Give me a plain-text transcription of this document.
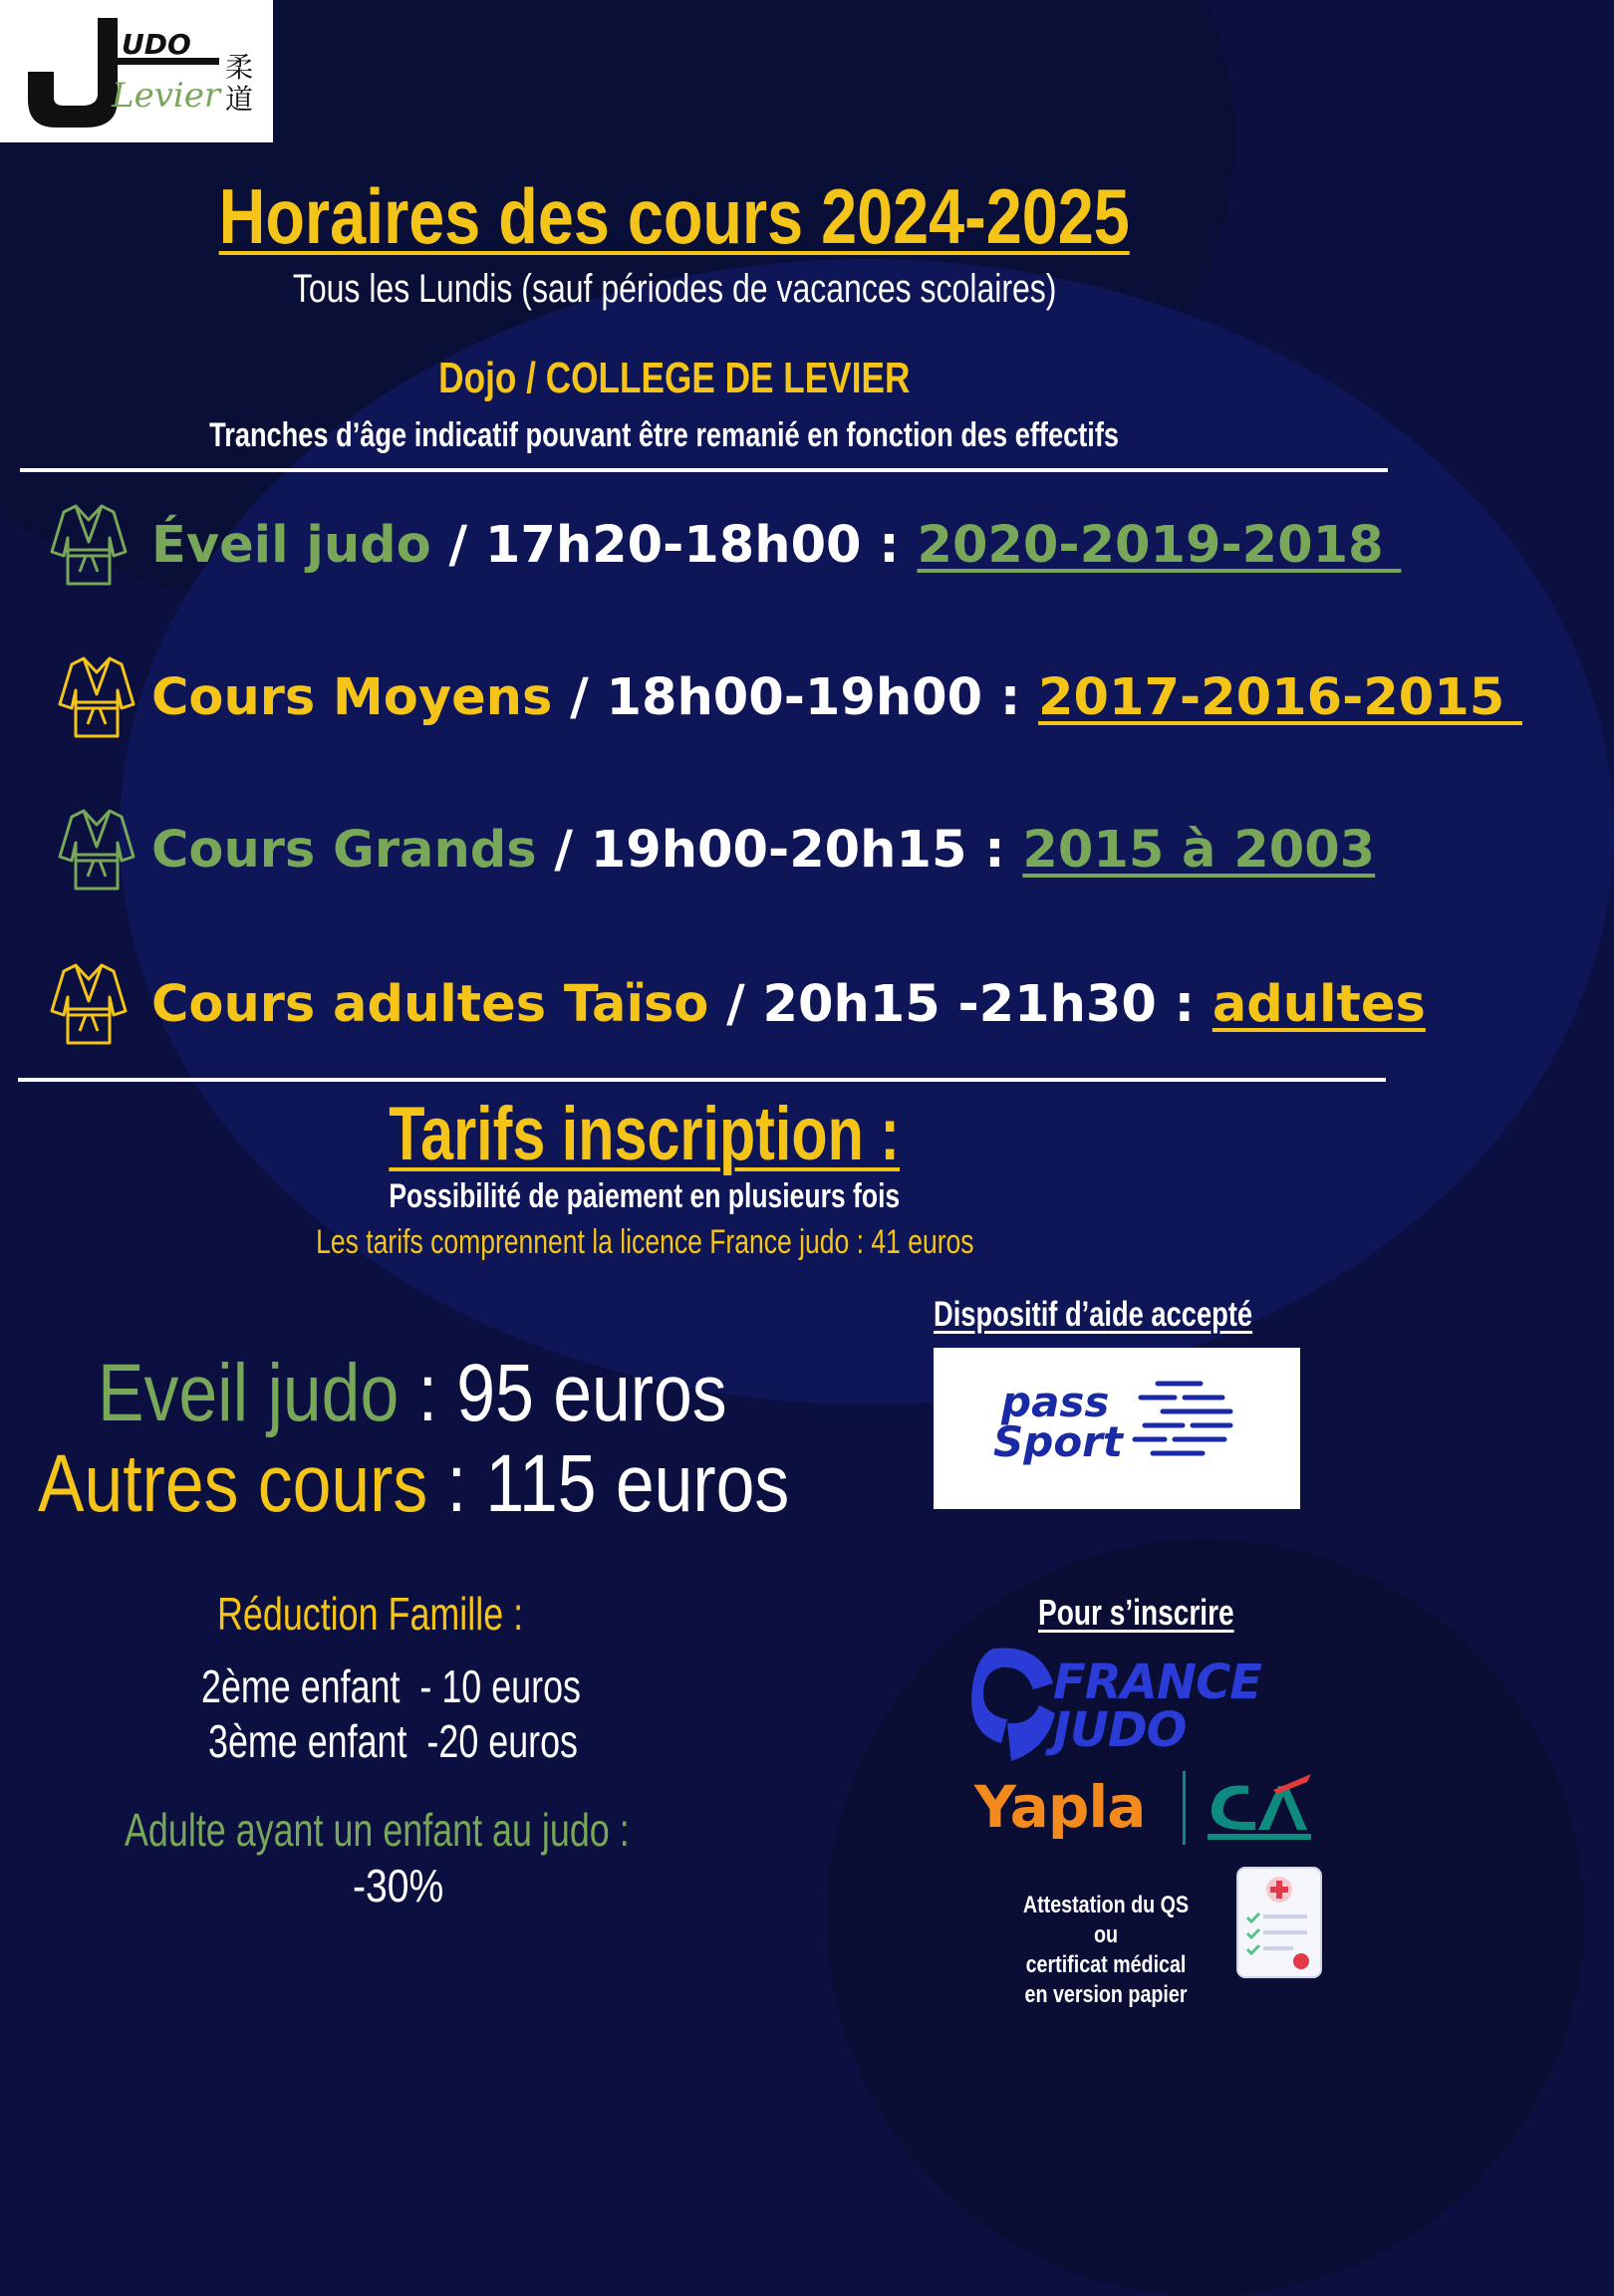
UDO
Levier
柔道
Horaires des cours 2024-2025
Tous les Lundis (sauf périodes de vacances scolaires)
Dojo / COLLEGE DE LEVIER
Tranches d’âge indicatif pouvant être remanié en fonction des effectifs
Éveil judo / 17h20-18h00 : 2020-2019-2018
Cours Moyens / 18h00-19h00 : 2017-2016-2015
Cours Grands / 19h00-20h15 : 2015 à 2003
Cours adultes Taïso / 20h15 -21h30 : adultes
Tarifs inscription :
Possibilité de paiement en plusieurs fois
Les tarifs comprennent la licence France judo : 41 euros
Eveil judo : 95 euros
Autres cours : 115 euros
Dispositif d’aide accepté
pass
Sport
Réduction Famille :

2ème enfant  - 10 euros

3ème enfant  -20 euros

Adulte ayant un enfant au judo :
-30%
Pour s’inscrire
FRANCE
JUDO
Yapla
Attestation du QS ou
certificat médical
en version papier
